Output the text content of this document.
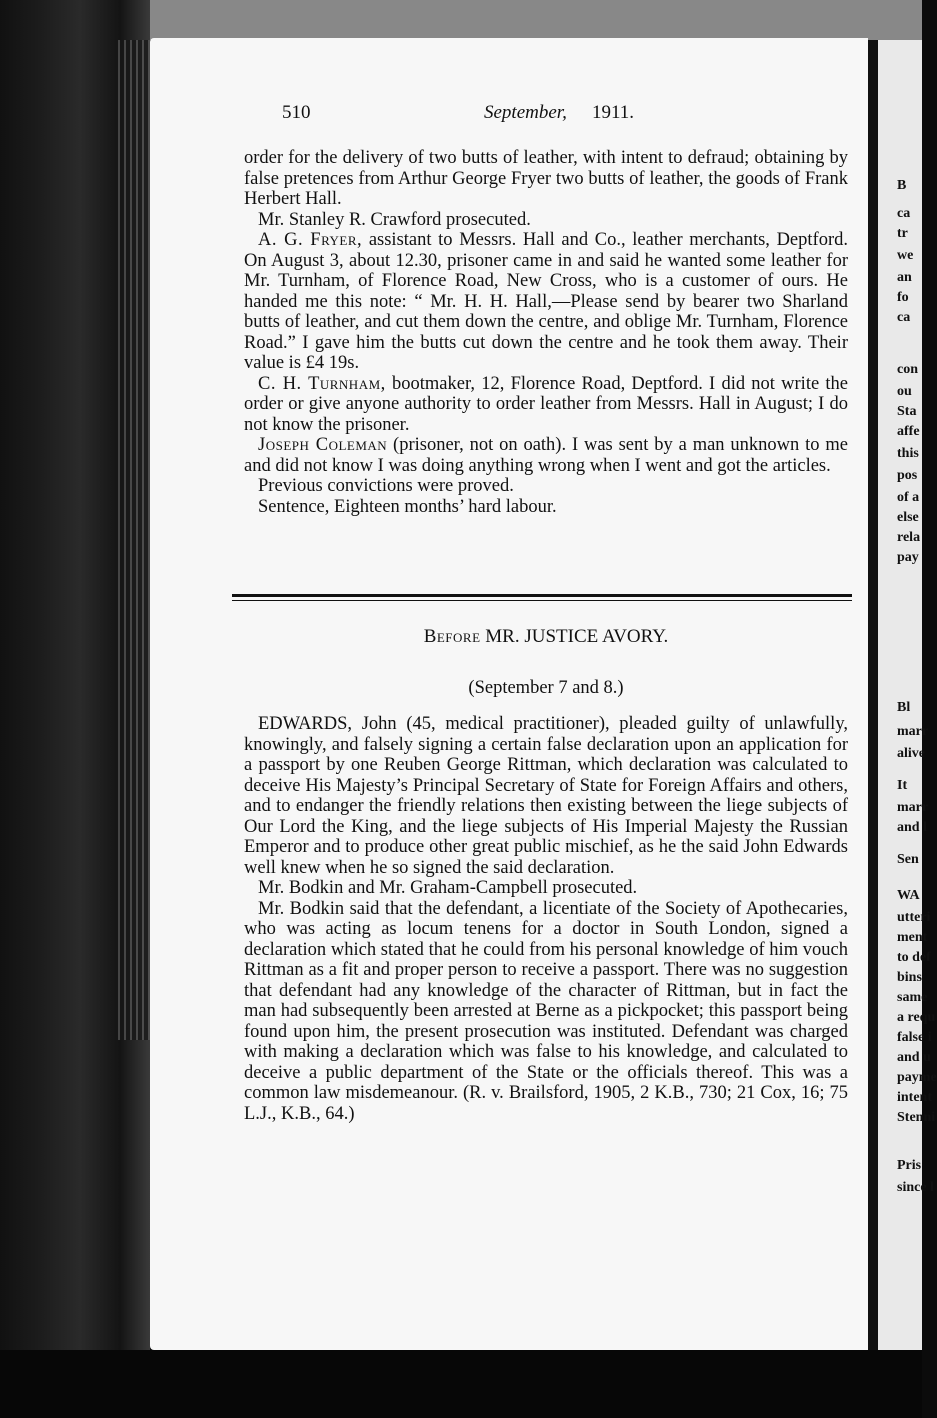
B
ca
tr
we
an
fo
ca
con
ou
Sta
affe
this
pos
of a
else
rela
pay
Bl
marr
alive
It
marr
and l
Sen
WA
utteri
ment
to def
bins
same
a requ
false i
and u
payme
intent
Stenni
Pris
since l
510	September, 1911.

order for the delivery of two butts of leather, with intent to defraud; obtaining by false pretences from Arthur George Fryer two butts of leather, the goods of Frank Herbert Hall.

Mr. Stanley R. Crawford prosecuted.

A. G. Fryer, assistant to Messrs. Hall and Co., leather merchants, Deptford. On August 3, about 12.30, prisoner came in and said he wanted some leather for Mr. Turnham, of Florence Road, New Cross, who is a customer of ours. He handed me this note: “ Mr. H. H. Hall,—Please send by bearer two Sharland butts of leather, and cut them down the centre, and oblige Mr. Turnham, Florence Road.” I gave him the butts cut down the centre and he took them away. Their value is £4 19s.

C. H. Turnham, bootmaker, 12, Florence Road, Deptford. I did not write the order or give anyone authority to order leather from Messrs. Hall in August; I do not know the prisoner.

Joseph Coleman (prisoner, not on oath). I was sent by a man unknown to me and did not know I was doing anything wrong when I went and got the articles.

Previous convictions were proved.

Sentence, Eighteen months’ hard labour.

Before MR. JUSTICE AVORY.
(September 7 and 8.)

EDWARDS, John (45, medical practitioner), pleaded guilty of unlawfully, knowingly, and falsely signing a certain false declaration upon an application for a passport by one Reuben George Rittman, which declaration was calculated to deceive His Majesty’s Principal Secretary of State for Foreign Affairs and others, and to endanger the friendly relations then existing between the liege subjects of Our Lord the King, and the liege subjects of His Imperial Majesty the Russian Emperor and to produce other great public mischief, as he the said John Edwards well knew when he so signed the said declaration.

Mr. Bodkin and Mr. Graham-Campbell prosecuted.

Mr. Bodkin said that the defendant, a licentiate of the Society of Apothecaries, who was acting as locum tenens for a doctor in South London, signed a declaration which stated that he could from his personal knowledge of him vouch Rittman as a fit and proper person to receive a passport. There was no suggestion that defendant had any knowledge of the character of Rittman, but in fact the man had subsequently been arrested at Berne as a pickpocket; this passport being found upon him, the present prosecution was instituted. Defendant was charged with making a declaration which was false to his knowledge, and calculated to deceive a public department of the State or the officials thereof. This was a common law misdemeanour. (R. v. Brailsford, 1905, 2 K.B., 730; 21 Cox, 16; 75 L.J., K.B., 64.)
